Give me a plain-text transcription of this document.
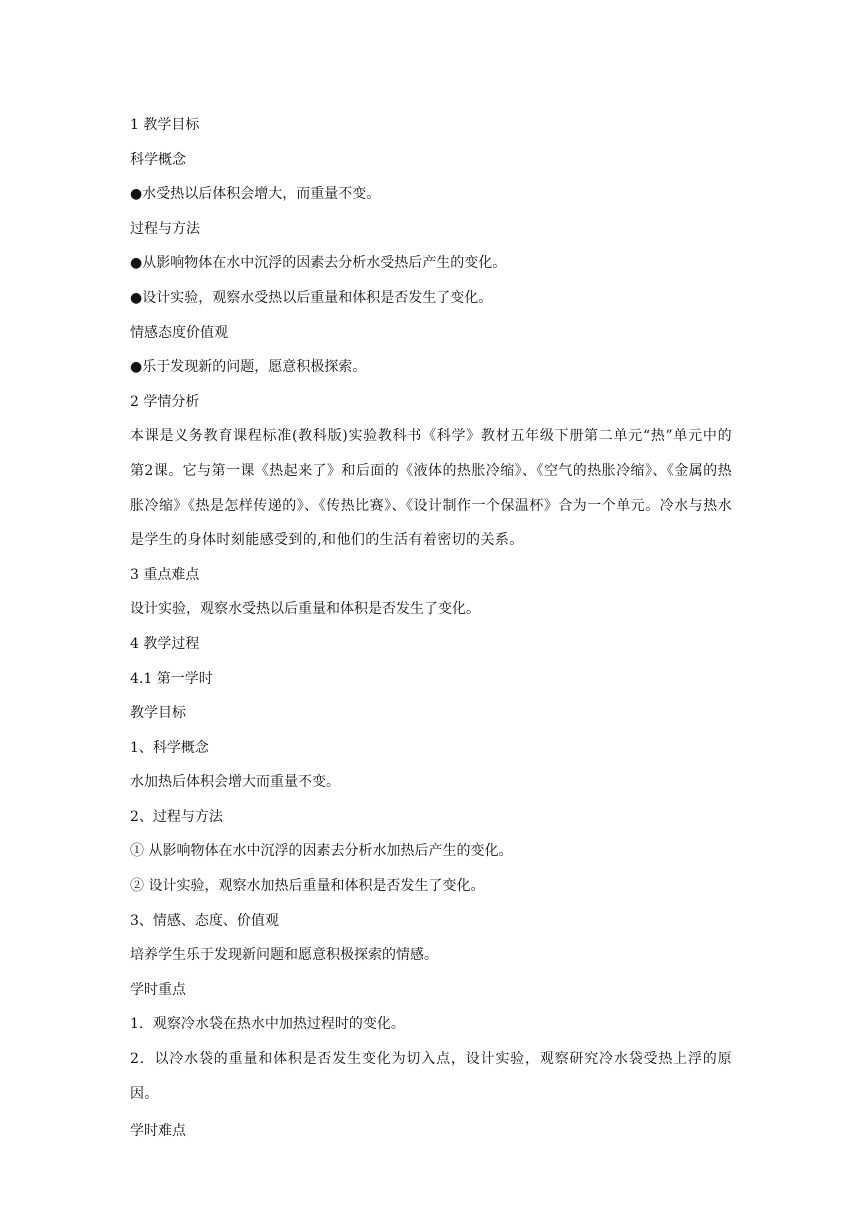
1 教学目标
科学概念
●水受热以后体积会增大，而重量不变。
过程与方法
●从影响物体在水中沉浮的因素去分析水受热后产生的变化。
●设计实验，观察水受热以后重量和体积是否发生了变化。
情感态度价值观
●乐于发现新的问题，愿意积极探索。
2 学情分析
本课是义务教育课程标准(教科版)实验教科书《科学》教材五年级下册第二单元“热”单元中的第2课。它与第一课《热起来了》和后面的《液体的热胀冷缩》、《空气的热胀冷缩》、《金属的热胀冷缩》《热是怎样传递的》、《传热比赛》、《设计制作一个保温杯》合为一个单元。冷水与热水是学生的身体时刻能感受到的,和他们的生活有着密切的关系。
3 重点难点
设计实验，观察水受热以后重量和体积是否发生了变化。
4 教学过程
4.1 第一学时
教学目标
1、科学概念
水加热后体积会增大而重量不变。
2、过程与方法
① 从影响物体在水中沉浮的因素去分析水加热后产生的变化。
② 设计实验，观察水加热后重量和体积是否发生了变化。
3、情感、态度、价值观
培养学生乐于发现新问题和愿意积极探索的情感。
学时重点
1．观察冷水袋在热水中加热过程时的变化。
2．以冷水袋的重量和体积是否发生变化为切入点，设计实验，观察研究冷水袋受热上浮的原因。
学时难点
